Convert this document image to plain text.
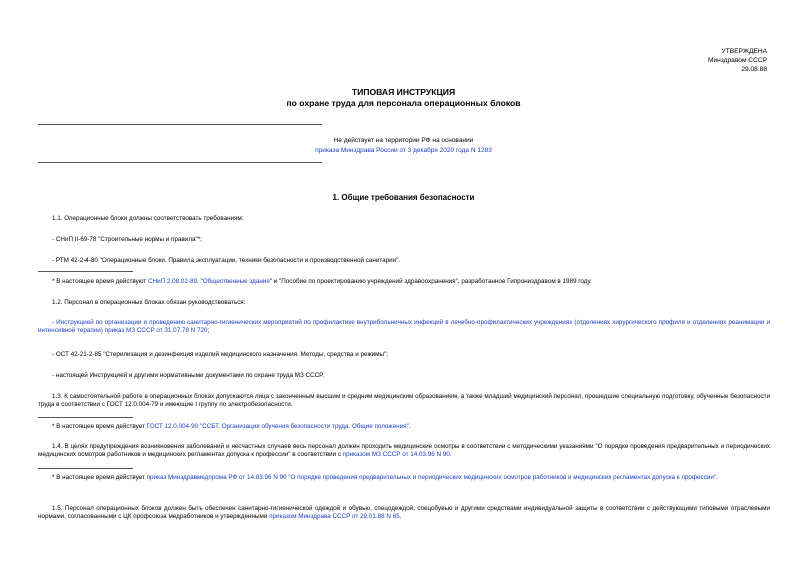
УТВЕРЖДЕНА
Минздравом СССР
29.08.88
ТИПОВАЯ ИНСТРУКЦИЯ
по охране труда для персонала операционных блоков
Не действует на территории РФ на основании
приказа Минздрава России от 3 декабря 2020 года N 1283
1. Общие требования безопасности
1.1. Операционные блоки должны соответствовать требованиям:
- СНиП II-69-78 "Строительные нормы и правила"*;
- РТМ 42-2-4-80 "Операционные блоки. Правила эксплуатации, техники безопасности и производственной санитарии".
* В настоящее время действуют СНиП 2.08.02-89. "Общественные здания" и "Пособие по проектированию учреждений здравоохранения", разработанное Гипрониздравом в 1989 году.
1.2. Персонал в операционных блоках обязан руководствоваться:
- Инструкцией по организации и проведению санитарно-гигиенических мероприятий по профилактике внутрибольничных инфекций в лечебно-профилактических учреждениях (отделениях хирургического профиля и отделениях реанимации и интенсивной терапии) приказ МЗ СССР от 31.07.78 N 720;
- ОСТ 42-21-2-85 "Стерилизация и дезинфекция изделий медицинского назначения. Методы, средства и режимы";
- настоящей Инструкцией и другими нормативными документами по охране труда МЗ СССР.
1.3. К самостоятельной работе в операционных блоках допускаются лица с законченным высшим и средним медицинским образованием, а также младший медицинский персонал, прошедшие специальную подготовку, обученные безопасности труда в соответствии с ГОСТ 12.0.004-79 и имеющие I группу по электробезопасности.
* В настоящее время действует ГОСТ 12.0.004-90 "ССБТ. Организация обучения безопасности труда. Общие положения".
1.4. В целях предупреждения возникновения заболеваний и несчастных случаев весь персонал должен проходить медицинские осмотры в соответствии с методическими указаниями "О порядке проведения предварительных и периодических медицинских осмотров работников и медицинских регламентах допуска к профессии" в соответствии с приказом МЗ СССР от 14.03.96 N 90.
* В настоящее время действует приказ Минздравмедпрома РФ от 14.03.96 N 90 "О порядке проведения предварительных и периодических медицинских осмотров работников и медицинских регламентах допуска к профессии".
1.5. Персонал операционных блоков должен быть обеспечен санитарно-гигиенической одеждой и обувью, спецодеждой, спецобувью и другими средствами индивидуальной защиты в соответствии с действующими типовыми отраслевыми нормами, согласованными с ЦК профсоюза медработников и утвержденными приказом Минздрава СССР от 29.01.88 N 65.
